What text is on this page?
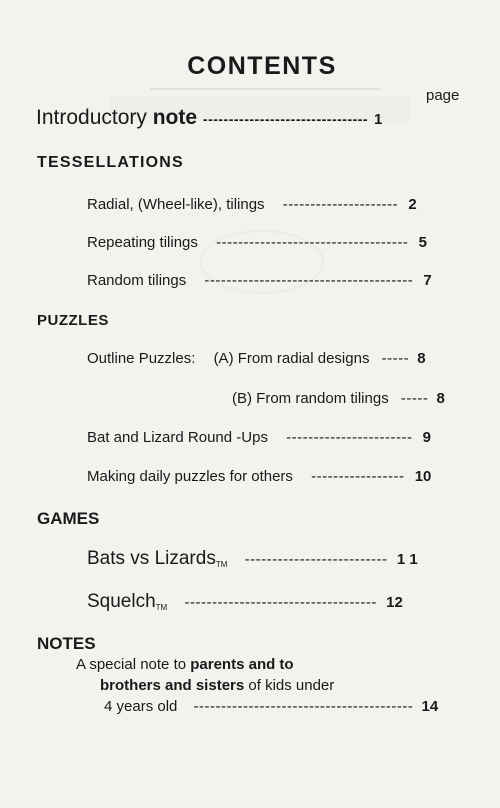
CONTENTS
page
Introductory note -------------------------------- 1
TESSELLATIONS
Radial, (Wheel-like), tilings --------------------- 2
Repeating tilings ----------------------------------- 5
Random tilings -------------------------------------- 7
PUZZLES
Outline Puzzles: (A) From radial designs ----- 8
(B) From random tilings ----- 8
Bat and Lizard Round -Ups ----------------------- 9
Making daily puzzles for others ----------------- 10
GAMES
Bats vs LizardsTM -------------------------- 1 1
SquelchTM ----------------------------------- 12
NOTES
A special note to parents and to
brothers and sisters of kids under
4 years old ---------------------------------------- 14
